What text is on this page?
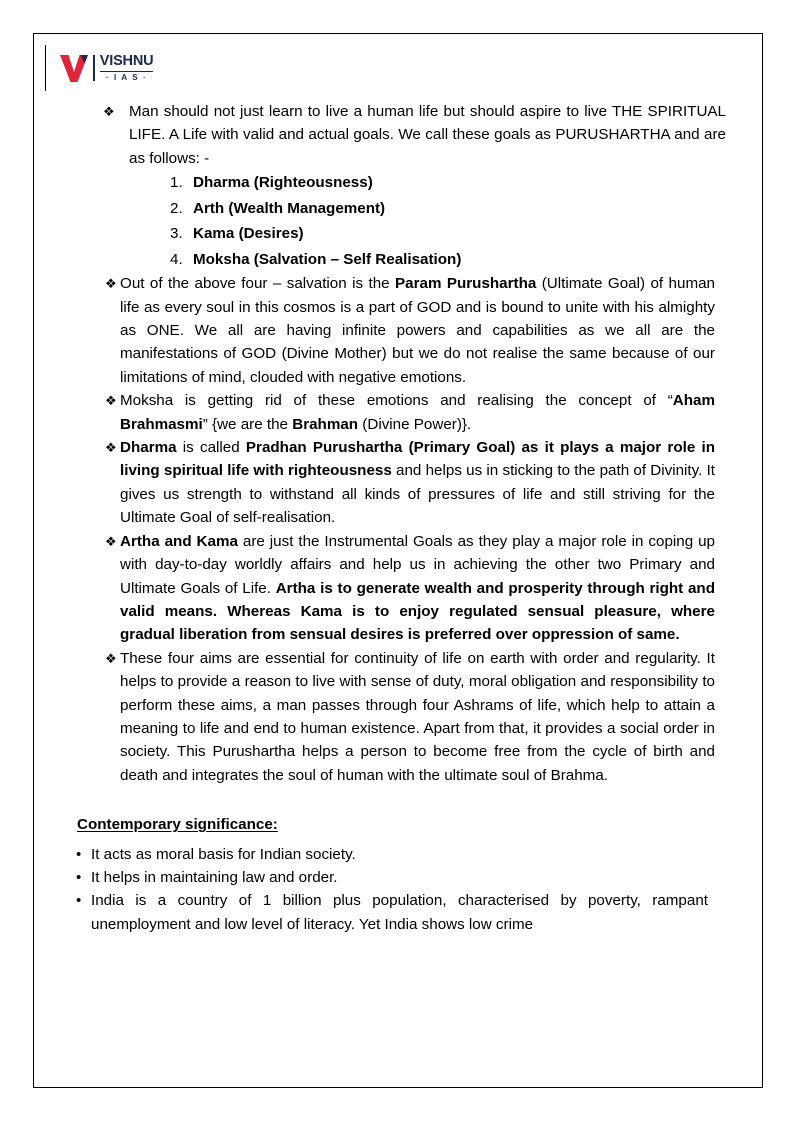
VISHNU
· I A S ·
❖ Man should not just learn to live a human life but should aspire to live THE SPIRITUAL LIFE. A Life with valid and actual goals. We call these goals as PURUSHARTHA and are as follows: -
1. Dharma (Righteousness)
2. Arth (Wealth Management)
3. Kama (Desires)
4. Moksha (Salvation – Self Realisation)
❖ Out of the above four – salvation is the Param Purushartha (Ultimate Goal) of human life as every soul in this cosmos is a part of GOD and is bound to unite with his almighty as ONE. We all are having infinite powers and capabilities as we all are the manifestations of GOD (Divine Mother) but we do not realise the same because of our limitations of mind, clouded with negative emotions.
❖ Moksha is getting rid of these emotions and realising the concept of “Aham Brahmasmi” {we are the Brahman (Divine Power)}.
❖ Dharma is called Pradhan Purushartha (Primary Goal) as it plays a major role in living spiritual life with righteousness and helps us in sticking to the path of Divinity. It gives us strength to withstand all kinds of pressures of life and still striving for the Ultimate Goal of self-realisation.
❖ Artha and Kama are just the Instrumental Goals as they play a major role in coping up with day-to-day worldly affairs and help us in achieving the other two Primary and Ultimate Goals of Life. Artha is to generate wealth and prosperity through right and valid means. Whereas Kama is to enjoy regulated sensual pleasure, where gradual liberation from sensual desires is preferred over oppression of same.
❖ These four aims are essential for continuity of life on earth with order and regularity. It helps to provide a reason to live with sense of duty, moral obligation and responsibility to perform these aims, a man passes through four Ashrams of life, which help to attain a meaning to life and end to human existence. Apart from that, it provides a social order in society. This Purushartha helps a person to become free from the cycle of birth and death and integrates the soul of human with the ultimate soul of Brahma.
Contemporary significance:
• It acts as moral basis for Indian society.
• It helps in maintaining law and order.
• India is a country of 1 billion plus population, characterised by poverty, rampant unemployment and low level of literacy. Yet India shows low crime
